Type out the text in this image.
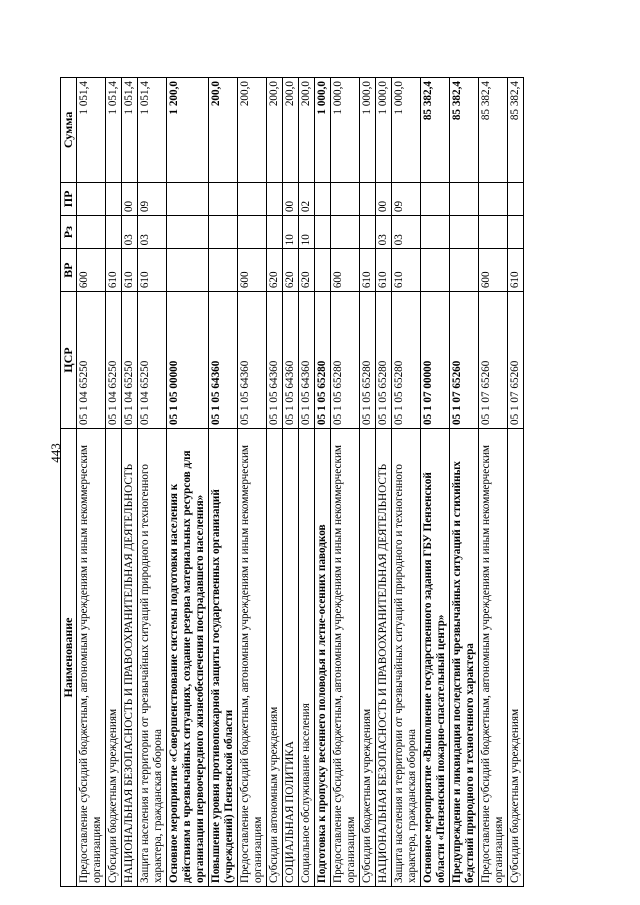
443
Наименование	ЦСР	ВР	Рз	ПР	Сумма
Предоставление субсидий бюджетным, автономным учреждениям и иным некоммерческим организациям	05 1 04 65250	600			1 051,4
Субсидии бюджетным учреждениям	05 1 04 65250	610			1 051,4
НАЦИОНАЛЬНАЯ БЕЗОПАСНОСТЬ И ПРАВООХРАНИТЕЛЬНАЯ ДЕЯТЕЛЬНОСТЬ	05 1 04 65250	610	03	00	1 051,4
Защита населения и территории от чрезвычайных ситуаций природного и техногенного характера, гражданская оборона	05 1 04 65250	610	03	09	1 051,4
Основное мероприятие «Совершенствование системы подготовки населения к действиям в чрезвычайных ситуациях, создание резерва материальных ресурсов для организации первоочередного жизнеобеспечения пострадавшего населения»	05 1 05 00000				1 200,0
Повышение уровня противопожарной защиты государственных организаций (учреждений) Пензенской области	05 1 05 64360				200,0
Предоставление субсидий бюджетным, автономным учреждениям и иным некоммерческим организациям	05 1 05 64360	600			200,0
Субсидии автономным учреждениям	05 1 05 64360	620			200,0
СОЦИАЛЬНАЯ ПОЛИТИКА	05 1 05 64360	620	10	00	200,0
Социальное обслуживание населения	05 1 05 64360	620	10	02	200,0
Подготовка к пропуску весеннего половодья и летне-осенних паводков	05 1 05 65280				1 000,0
Предоставление субсидий бюджетным, автономным учреждениям и иным некоммерческим организациям	05 1 05 65280	600			1 000,0
Субсидии бюджетным учреждениям	05 1 05 65280	610			1 000,0
НАЦИОНАЛЬНАЯ БЕЗОПАСНОСТЬ И ПРАВООХРАНИТЕЛЬНАЯ ДЕЯТЕЛЬНОСТЬ	05 1 05 65280	610	03	00	1 000,0
Защита населения и территории от чрезвычайных ситуаций природного и техногенного характера, гражданская оборона	05 1 05 65280	610	03	09	1 000,0
Основное мероприятие «Выполнение государственного задания ГБУ Пензенской области «Пензенский пожарно-спасательный центр»	05 1 07 00000				85 382,4
Предупреждение и ликвидация последствий чрезвычайных ситуаций и стихийных бедствий природного и техногенного характера	05 1 07 65260				85 382,4
Предоставление субсидий бюджетным, автономным учреждениям и иным некоммерческим организациям	05 1 07 65260	600			85 382,4
Субсидии бюджетным учреждениям	05 1 07 65260	610			85 382,4
